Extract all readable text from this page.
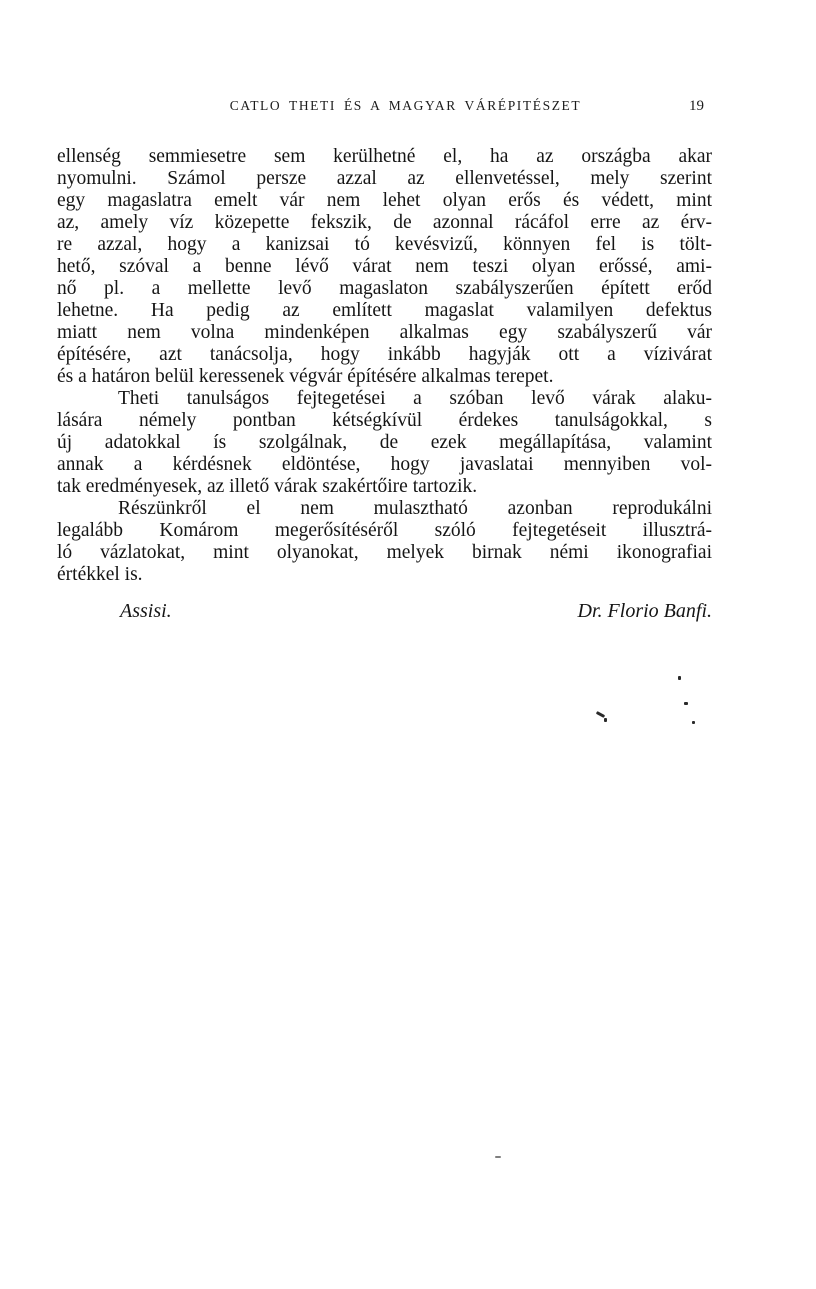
CATLO THETI ÉS A MAGYAR VÁRÉPITÉSZET	19
ellenség semmiesetre sem kerülhetné el, ha az országba akar
nyomulni. Számol persze azzal az ellenvetéssel, mely szerint
egy magaslatra emelt vár nem lehet olyan erős és védett, mint
az, amely víz közepette fekszik, de azonnal rácáfol erre az érv-
re azzal, hogy a kanizsai tó kevésvizű, könnyen fel is tölt-
hető, szóval a benne lévő várat nem teszi olyan erőssé, ami-
nő pl. a mellette levő magaslaton szabályszerűen épített erőd
lehetne. Ha pedig az említett magaslat valamilyen defektus
miatt nem volna mindenképen alkalmas egy szabályszerű vár
építésére, azt tanácsolja, hogy inkább hagyják ott a vízivárat
és a határon belül keressenek végvár építésére alkalmas terepet.
Theti tanulságos fejtegetései a szóban levő várak alaku-
lására némely pontban kétségkívül érdekes tanulságokkal, s
új adatokkal ís szolgálnak, de ezek megállapítása, valamint
annak a kérdésnek eldöntése, hogy javaslatai mennyiben vol-
tak eredményesek, az illető várak szakértőire tartozik.
Részünkről el nem mulasztható azonban reprodukálni
legalább Komárom megerősítéséről szóló fejtegetéseit illusztrá-
ló vázlatokat, mint olyanokat, melyek birnak némi ikonografiai
értékkel is.
Assisi.	Dr. Florio Banfi.
